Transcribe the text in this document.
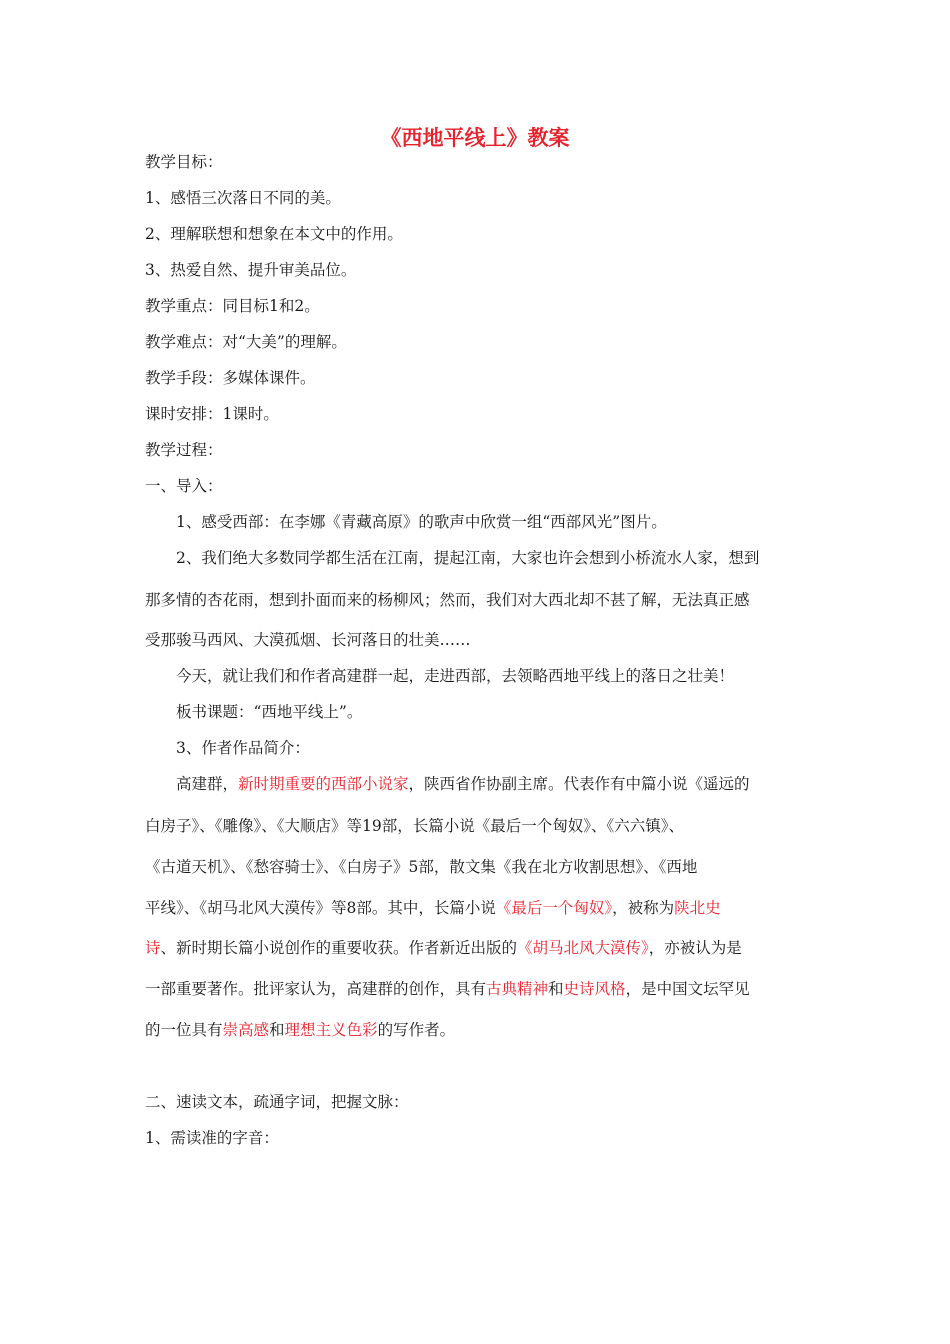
《西地平线上》教案
教学目标：
1、感悟三次落日不同的美。
2、理解联想和想象在本文中的作用。
3、热爱自然、提升审美品位。
教学重点：同目标1和2。
教学难点：对“大美”的理解。
教学手段：多媒体课件。
课时安排：1课时。
教学过程：
一、导入：
1、感受西部：在李娜《青藏高原》的歌声中欣赏一组“西部风光”图片。
2、我们绝大多数同学都生活在江南，提起江南，大家也许会想到小桥流水人家，想到
那多情的杏花雨，想到扑面而来的杨柳风；然而，我们对大西北却不甚了解，无法真正感
受那骏马西风、大漠孤烟、长河落日的壮美……
今天，就让我们和作者高建群一起，走进西部，去领略西地平线上的落日之壮美！
板书课题：“西地平线上”。
3、作者作品简介：
高建群，新时期重要的西部小说家，陕西省作协副主席。代表作有中篇小说《遥远的
白房子》、《雕像》、《大顺店》等19部，长篇小说《最后一个匈奴》、《六六镇》、
《古道天机》、《愁容骑士》、《白房子》5部，散文集《我在北方收割思想》、《西地
平线》、《胡马北风大漠传》等8部。其中，长篇小说《最后一个匈奴》，被称为陕北史
诗、新时期长篇小说创作的重要收获。作者新近出版的《胡马北风大漠传》，亦被认为是
一部重要著作。批评家认为，高建群的创作，具有古典精神和史诗风格，是中国文坛罕见
的一位具有崇高感和理想主义色彩的写作者。
二、速读文本，疏通字词，把握文脉：
1、需读准的字音：
